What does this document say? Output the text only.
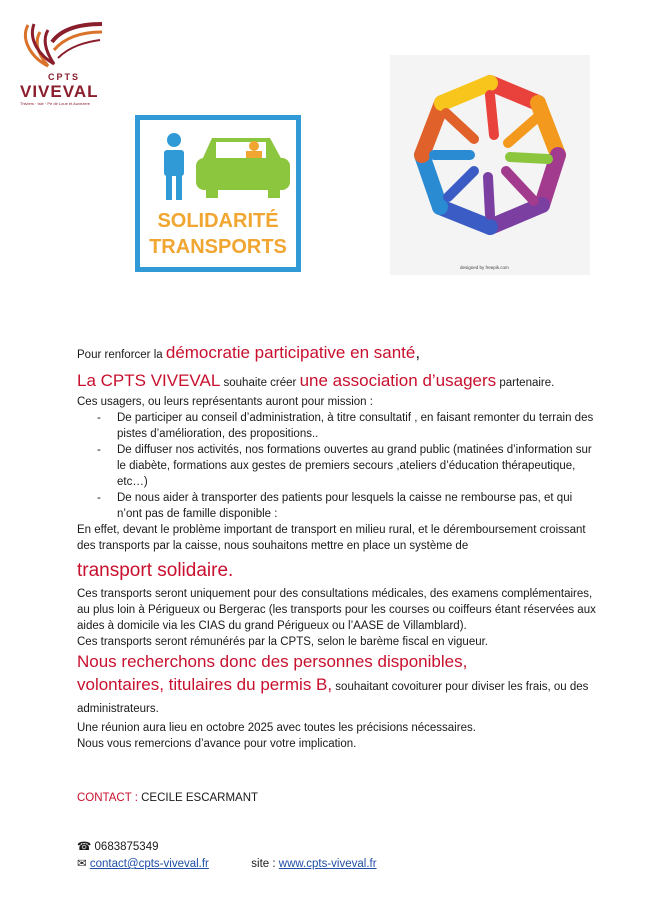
CPTS
VIVEVAL
Thiviers · Isle · Pe dir Loue et Auvezère
SOLIDARITÉ
TRANSPORTS
designed by freepik.com
Pour renforcer la démocratie participative en santé,
La CPTS VIVEVAL souhaite créer une association d’usagers partenaire.
Ces usagers, ou leurs représentants auront pour mission :
- De participer au conseil d’administration, à titre consultatif , en faisant remonter du terrain des pistes d’amélioration, des propositions..
- De diffuser nos activités, nos formations ouvertes au grand public (matinées d’information sur le diabète, formations aux gestes de premiers secours ,ateliers d’éducation thérapeutique, etc…)
- De nous aider à transporter des patients pour lesquels la caisse ne rembourse pas, et qui n’ont pas de famille disponible :
En effet, devant le problème important de transport en milieu rural, et le déremboursement croissant des transports par la caisse, nous souhaitons mettre en place un système de
transport solidaire.
Ces transports seront uniquement pour des consultations médicales, des examens complémentaires, au plus loin à Périgueux ou Bergerac (les transports pour les courses ou coiffeurs étant réservées aux aides à domicile via les CIAS du grand Périgueux ou l’AASE de Villamblard).
Ces transports seront rémunérés par la CPTS, selon le barème fiscal en vigueur.
Nous recherchons donc des personnes disponibles,
volontaires, titulaires du permis B, souhaitant covoiturer pour diviser les frais, ou des administrateurs.
Une réunion aura lieu en octobre 2025 avec toutes les précisions nécessaires.
Nous vous remercions d’avance pour votre implication.
CONTACT : CECILE ESCARMANT
☎ 0683875349
✉ contact@cpts-viveval.fr	site : www.cpts-viveval.fr
